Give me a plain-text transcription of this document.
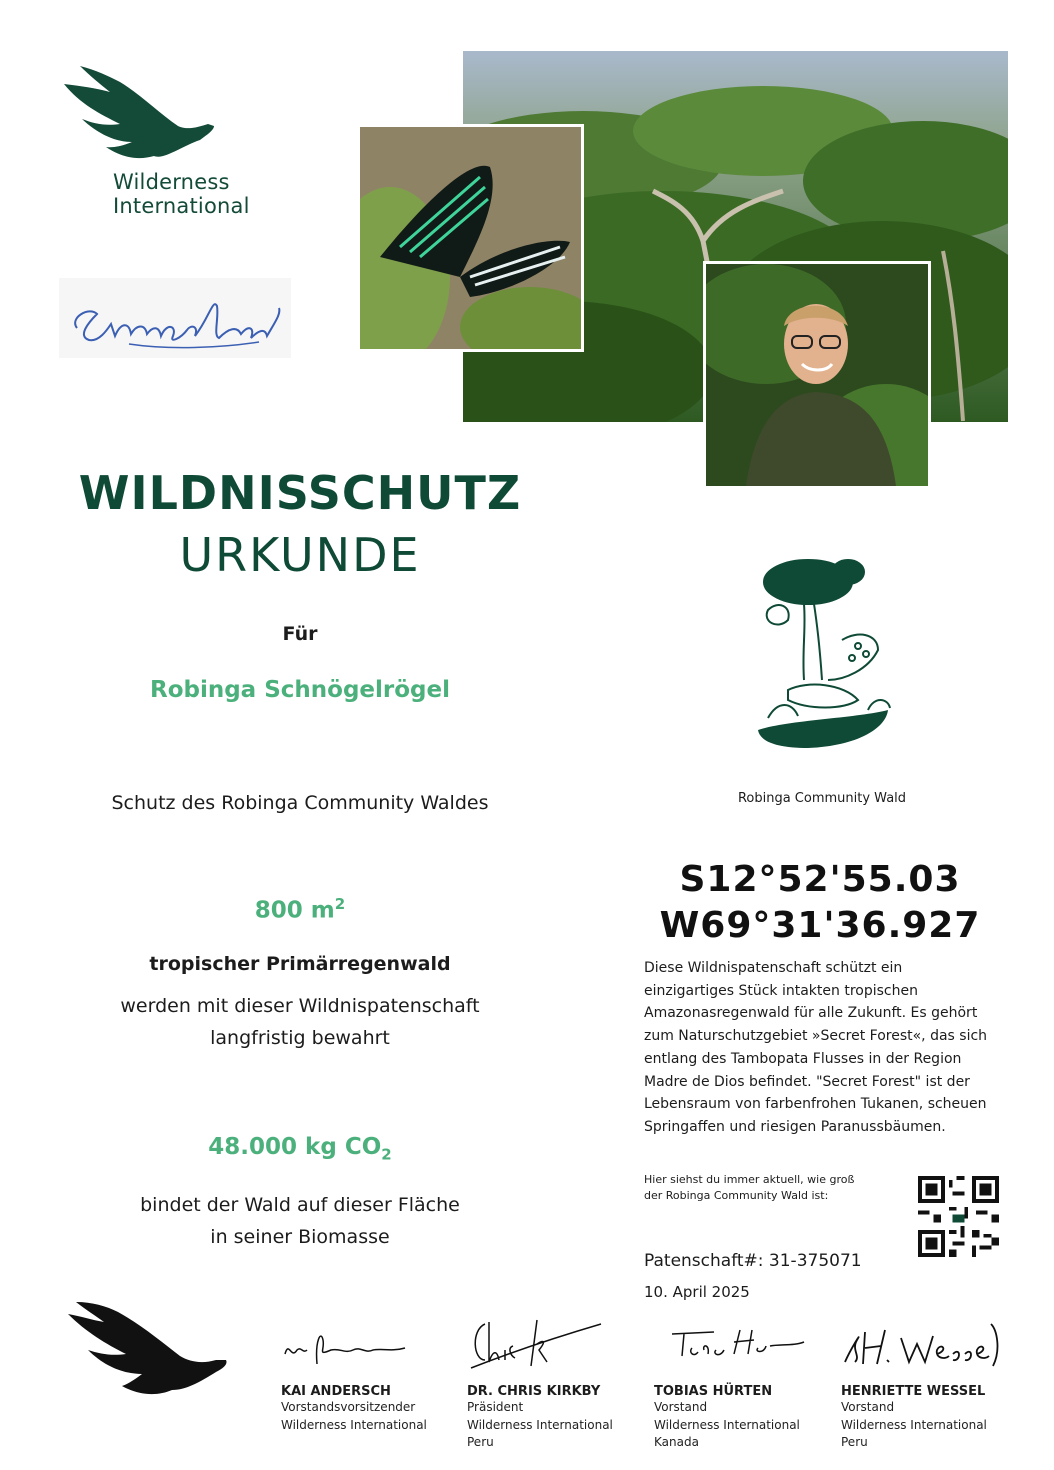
Wilderness
International
WILDNISSCHUTZ
URKUNDE
Für
Robinga Schnögelrögel
Schutz des Robinga Community Waldes
800 $m^2$
tropischer Primärregenwald
werden mit dieser Wildnispatenschaft
langfristig bewahrt
48.000 kg $CO_2$
bindet der Wald auf dieser Fläche
in seiner Biomasse
Robinga Community Wald
S12°52'55.03
W69°31'36.927
Diese Wildnispatenschaft schützt ein einzigartiges Stück intakten tropischen Amazonasregenwald für alle Zukunft. Es gehört zum Naturschutzgebiet »Secret Forest«, das sich entlang des Tambopata Flusses in der Region Madre de Dios befindet. "Secret Forest" ist der Lebensraum von farbenfrohen Tukanen, scheuen Springaffen und riesigen Paranussbäumen.
Hier siehst du immer aktuell, wie groß
der Robinga Community Wald ist:
Patenschaft#: 31-375071
10. April 2025
KAI ANDERSCH
Vorstandsvorsitzender
Wilderness International
DR. CHRIS KIRKBY
Präsident
Wilderness International
Peru
TOBIAS HÜRTEN
Vorstand
Wilderness International
Kanada
HENRIETTE WESSEL
Vorstand
Wilderness International
Peru
